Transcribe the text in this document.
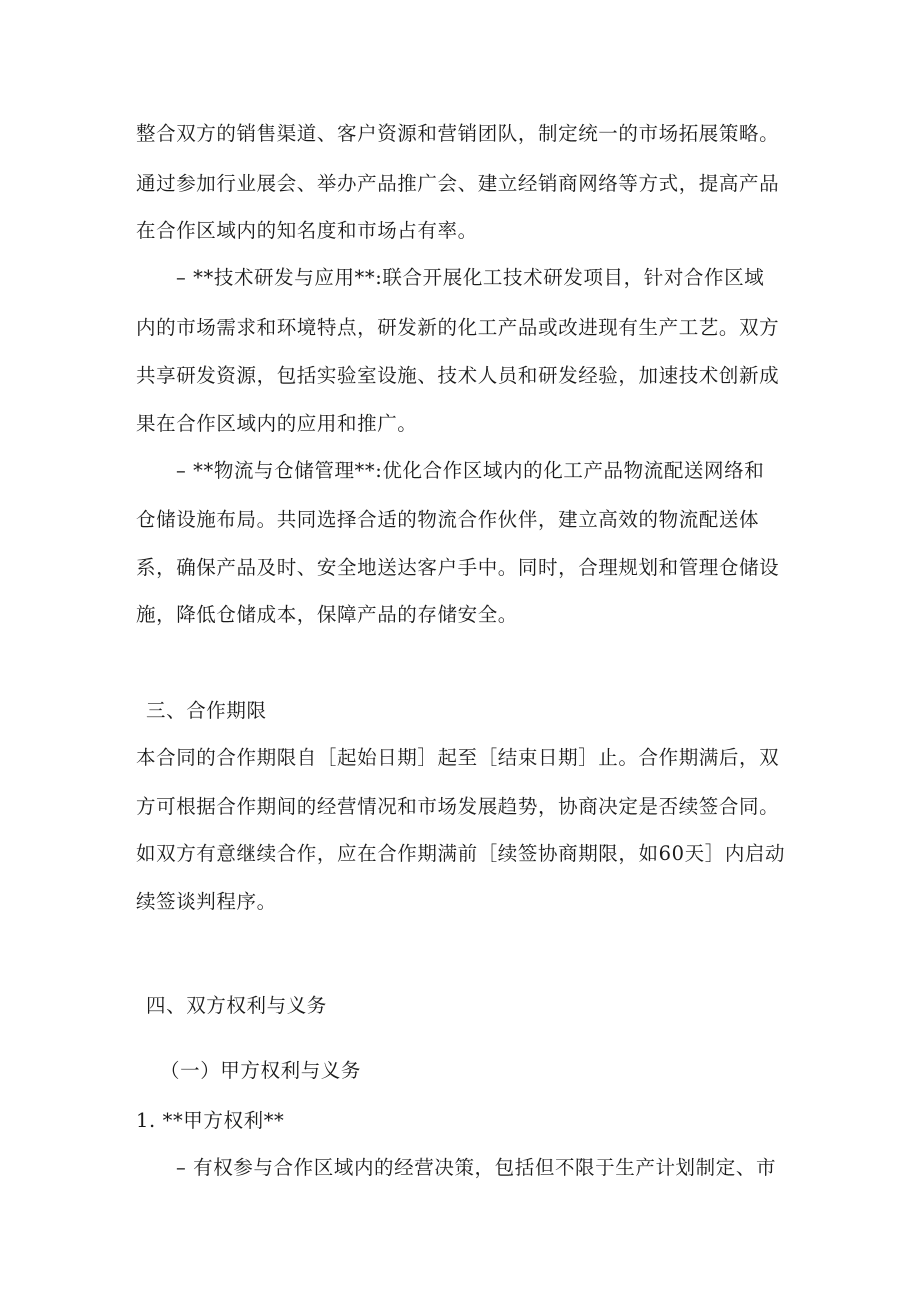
整合双方的销售渠道、客户资源和营销团队，制定统一的市场拓展策略。
通过参加行业展会、举办产品推广会、建立经销商网络等方式，提高产品
在合作区域内的知名度和市场占有率。
– **技术研发与应用**:联合开展化工技术研发项目，针对合作区域
内的市场需求和环境特点，研发新的化工产品或改进现有生产工艺。双方
共享研发资源，包括实验室设施、技术人员和研发经验，加速技术创新成
果在合作区域内的应用和推广。
– **物流与仓储管理**:优化合作区域内的化工产品物流配送网络和
仓储设施布局。共同选择合适的物流合作伙伴，建立高效的物流配送体
系，确保产品及时、安全地送达客户手中。同时，合理规划和管理仓储设
施，降低仓储成本，保障产品的存储安全。
三、合作期限
本合同的合作期限自［起始日期］起至［结束日期］止。合作期满后，双
方可根据合作期间的经营情况和市场发展趋势，协商决定是否续签合同。
如双方有意继续合作，应在合作期满前［续签协商期限，如60天］内启动
续签谈判程序。
四、双方权利与义务
（一）甲方权利与义务
1. **甲方权利**
– 有权参与合作区域内的经营决策，包括但不限于生产计划制定、市
